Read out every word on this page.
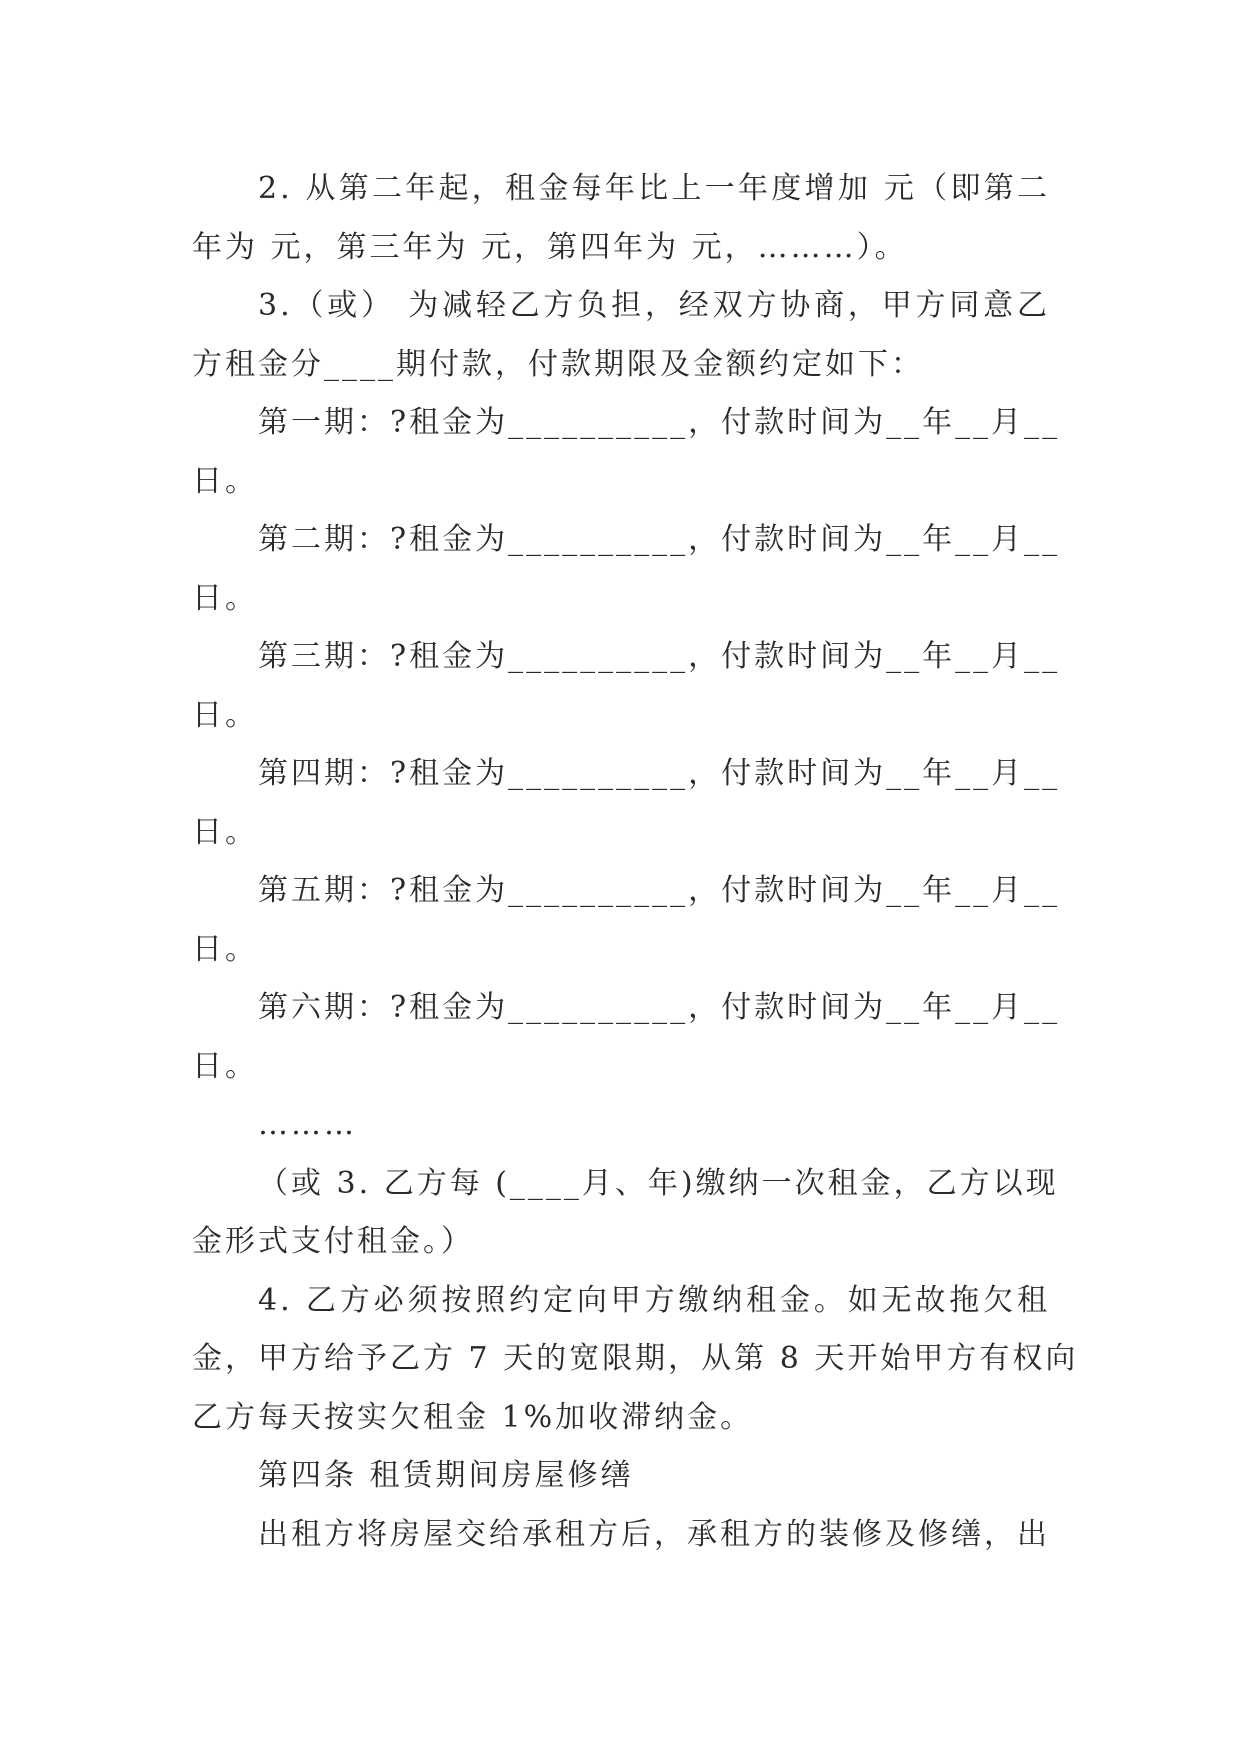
2. 从第二年起，租金每年比上一年度增加 元（即第二
年为 元，第三年为 元，第四年为 元，………）。
3.（或） 为减轻乙方负担，经双方协商，甲方同意乙
方租金分____期付款，付款期限及金额约定如下：
第一期：?租金为__________，付款时间为__年__月__
日。
第二期：?租金为__________，付款时间为__年__月__
日。
第三期：?租金为__________，付款时间为__年__月__
日。
第四期：?租金为__________，付款时间为__年__月__
日。
第五期：?租金为__________，付款时间为__年__月__
日。
第六期：?租金为__________，付款时间为__年__月__
日。
………
（或 3. 乙方每 (____月、年)缴纳一次租金，乙方以现
金形式支付租金。）
4. 乙方必须按照约定向甲方缴纳租金。如无故拖欠租
金，甲方给予乙方 7 天的宽限期，从第 8 天开始甲方有权向
乙方每天按实欠租金 1%加收滞纳金。
第四条 租赁期间房屋修缮
出租方将房屋交给承租方后，承租方的装修及修缮，出
